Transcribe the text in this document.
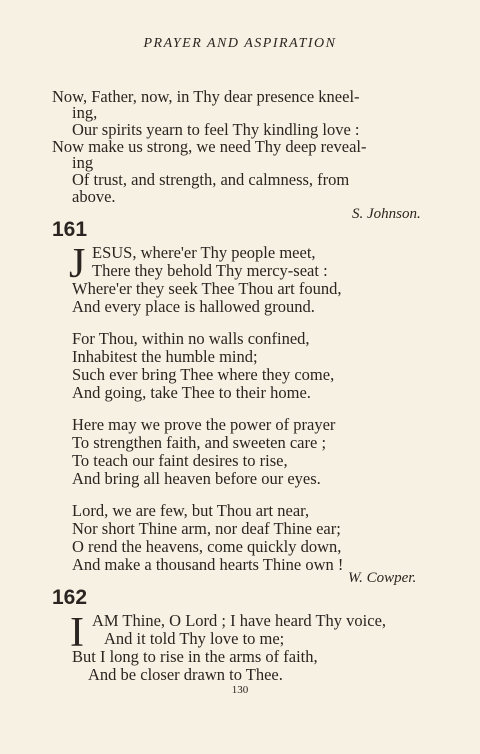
PRAYER AND ASPIRATION
Now, Father, now, in Thy dear presence kneel-
ing,
Our spirits yearn to feel Thy kindling love :
Now make us strong, we need Thy deep reveal-
ing
Of trust, and strength, and calmness, from
above.
S. Johnson.
161
J ESUS, where'er Thy people meet,
There they behold Thy mercy-seat :
Where'er they seek Thee Thou art found,
And every place is hallowed ground.
For Thou, within no walls confined,
Inhabitest the humble mind;
Such ever bring Thee where they come,
And going, take Thee to their home.
Here may we prove the power of prayer
To strengthen faith, and sweeten care ;
To teach our faint desires to rise,
And bring all heaven before our eyes.
Lord, we are few, but Thou art near,
Nor short Thine arm, nor deaf Thine ear;
O rend the heavens, come quickly down,
And make a thousand hearts Thine own !
W. Cowper.
162
I AM Thine, O Lord ; I have heard Thy voice,
And it told Thy love to me;
But I long to rise in the arms of faith,
And be closer drawn to Thee.
130
